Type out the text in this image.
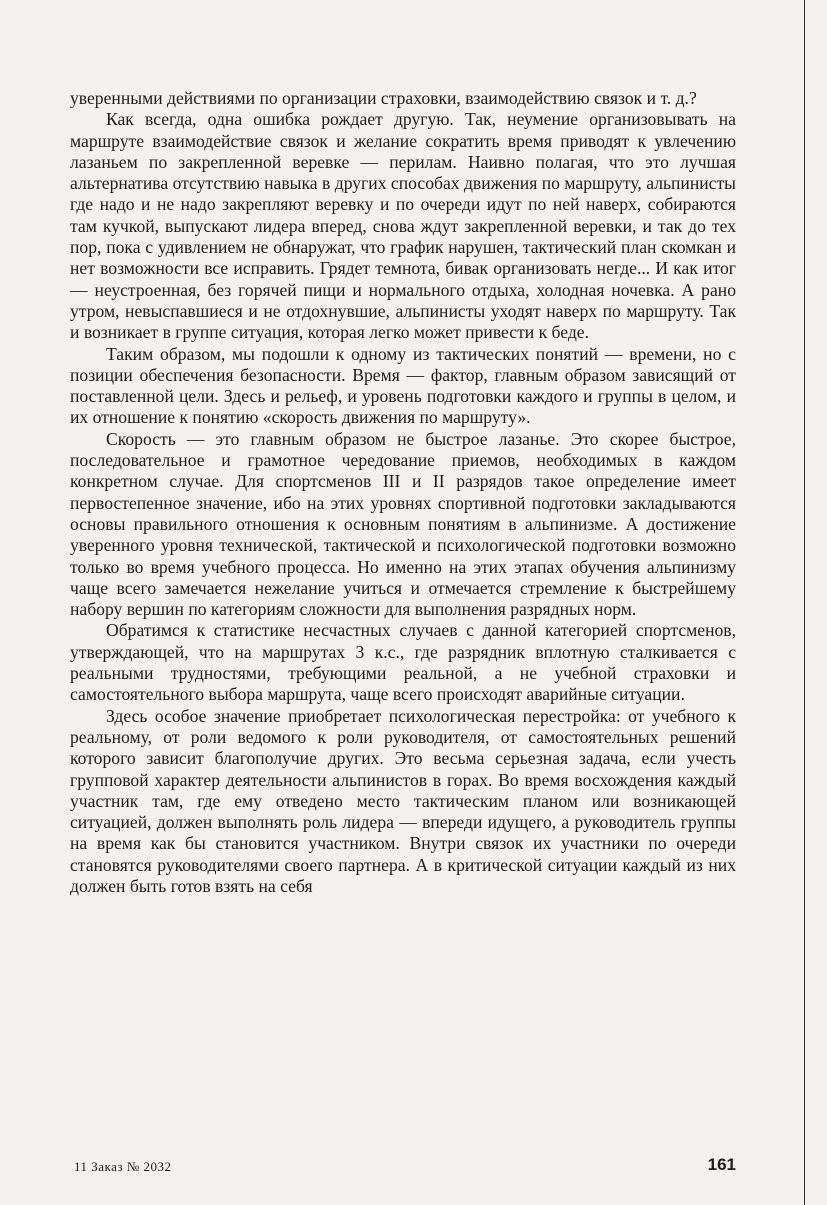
уверенными действиями по организации страховки, взаимодействию связок и т. д.?

Как всегда, одна ошибка рождает другую. Так, неумение организовывать на маршруте взаимодействие связок и желание сократить время приводят к увлечению лазаньем по закрепленной веревке — перилам. Наивно полагая, что это лучшая альтернатива отсутствию навыка в других способах движения по маршруту, альпинисты где надо и не надо закрепляют веревку и по очереди идут по ней наверх, собираются там кучкой, выпускают лидера вперед, снова ждут закрепленной веревки, и так до тех пор, пока с удивлением не обнаружат, что график нарушен, тактический план скомкан и нет возможности все исправить. Грядет темнота, бивак организовать негде... И как итог — неустроенная, без горячей пищи и нормального отдыха, холодная ночевка. А рано утром, невыспавшиеся и не отдохнувшие, альпинисты уходят наверх по маршруту. Так и возникает в группе ситуация, которая легко может привести к беде.

Таким образом, мы подошли к одному из тактических понятий — времени, но с позиции обеспечения безопасности. Время — фактор, главным образом зависящий от поставленной цели. Здесь и рельеф, и уровень подготовки каждого и группы в целом, и их отношение к понятию «скорость движения по маршруту».

Скорость — это главным образом не быстрое лазанье. Это скорее быстрое, последовательное и грамотное чередование приемов, необходимых в каждом конкретном случае. Для спортсменов III и II разрядов такое определение имеет первостепенное значение, ибо на этих уровнях спортивной подготовки закладываются основы правильного отношения к основным понятиям в альпинизме. А достижение уверенного уровня технической, тактической и психологической подготовки возможно только во время учебного процесса. Но именно на этих этапах обучения альпинизму чаще всего замечается нежелание учиться и отмечается стремление к быстрейшему набору вершин по категориям сложности для выполнения разрядных норм.

Обратимся к статистике несчастных случаев с данной категорией спортсменов, утверждающей, что на маршрутах 3 к.с., где разрядник вплотную сталкивается с реальными трудностями, требующими реальной, а не учебной страховки и самостоятельного выбора маршрута, чаще всего происходят аварийные ситуации.

Здесь особое значение приобретает психологическая перестройка: от учебного к реальному, от роли ведомого к роли руководителя, от самостоятельных решений которого зависит благополучие других. Это весьма серьезная задача, если учесть групповой характер деятельности альпинистов в горах. Во время восхождения каждый участник там, где ему отведено место тактическим планом или возникающей ситуацией, должен выполнять роль лидера — впереди идущего, а руководитель группы на время как бы становится участником. Внутри связок их участники по очереди становятся руководителями своего партнера. А в критической ситуации каждый из них должен быть готов взять на себя

11 Заказ № 2032	161
